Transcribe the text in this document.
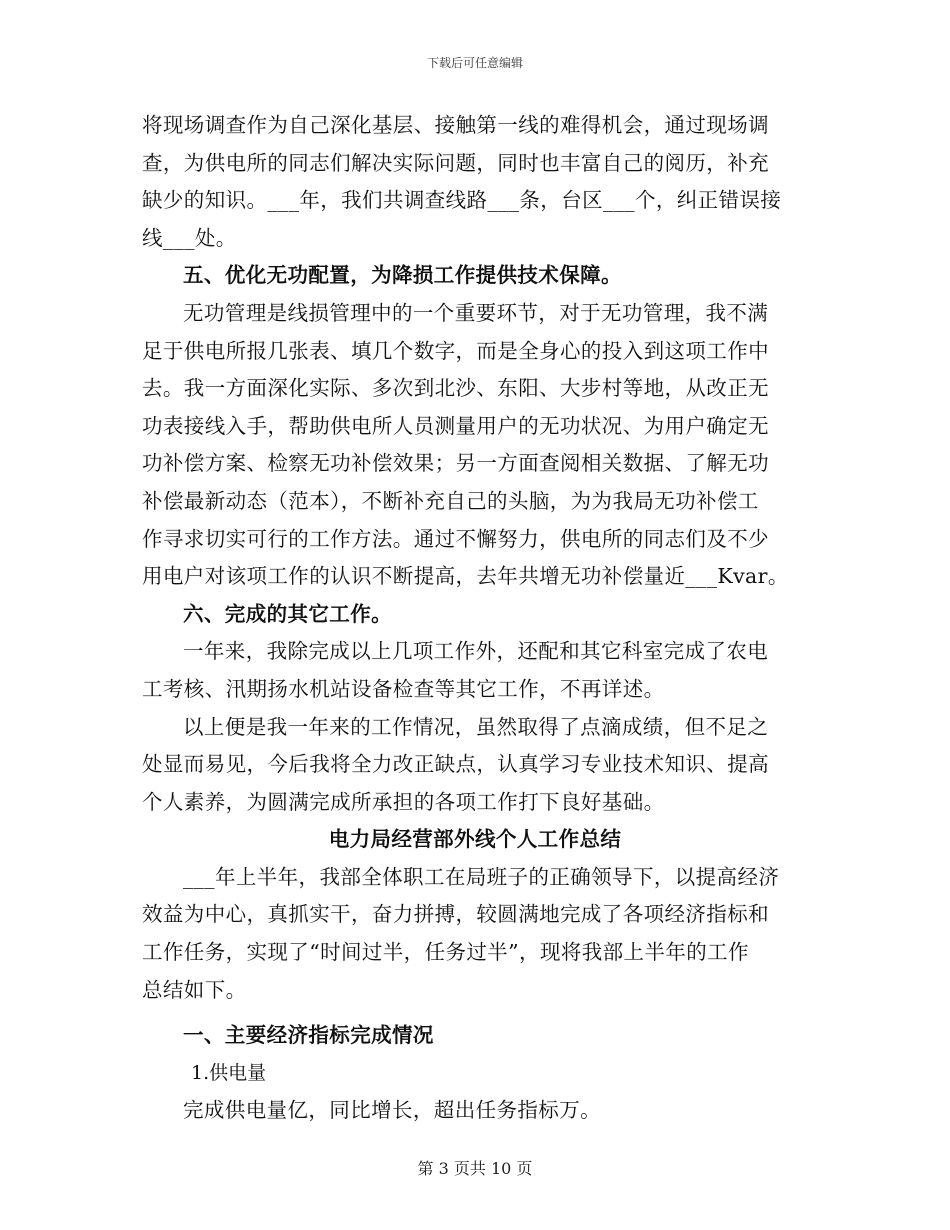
下载后可任意编辑

将现场调查作为自己深化基层、接触第一线的难得机会，通过现场调

查，为供电所的同志们解决实际问题，同时也丰富自己的阅历，补充

缺少的知识。___年，我们共调查线路___条，台区___个，纠正错误接

线___处。

五、优化无功配置，为降损工作提供技术保障。

无功管理是线损管理中的一个重要环节，对于无功管理，我不满

足于供电所报几张表、填几个数字，而是全身心的投入到这项工作中

去。我一方面深化实际、多次到北沙、东阳、大步村等地，从改正无

功表接线入手，帮助供电所人员测量用户的无功状况、为用户确定无

功补偿方案、检察无功补偿效果；另一方面查阅相关数据、了解无功

补偿最新动态（范本），不断补充自己的头脑，为为我局无功补偿工

作寻求切实可行的工作方法。通过不懈努力，供电所的同志们及不少

用电户对该项工作的认识不断提高，去年共增无功补偿量近___Kvar。

六、完成的其它工作。

一年来，我除完成以上几项工作外，还配和其它科室完成了农电

工考核、汛期扬水机站设备检查等其它工作，不再详述。

以上便是我一年来的工作情况，虽然取得了点滴成绩，但不足之

处显而易见，今后我将全力改正缺点，认真学习专业技术知识、提高

个人素养，为圆满完成所承担的各项工作打下良好基础。

电力局经营部外线个人工作总结

___年上半年，我部全体职工在局班子的正确领导下，以提高经济

效益为中心，真抓实干，奋力拼搏，较圆满地完成了各项经济指标和

工作任务，实现了“时间过半，任务过半”，现将我部上半年的工作

总结如下。

一、主要经济指标完成情况

1.供电量

完成供电量亿，同比增长，超出任务指标万。

第 3 页共 10 页
